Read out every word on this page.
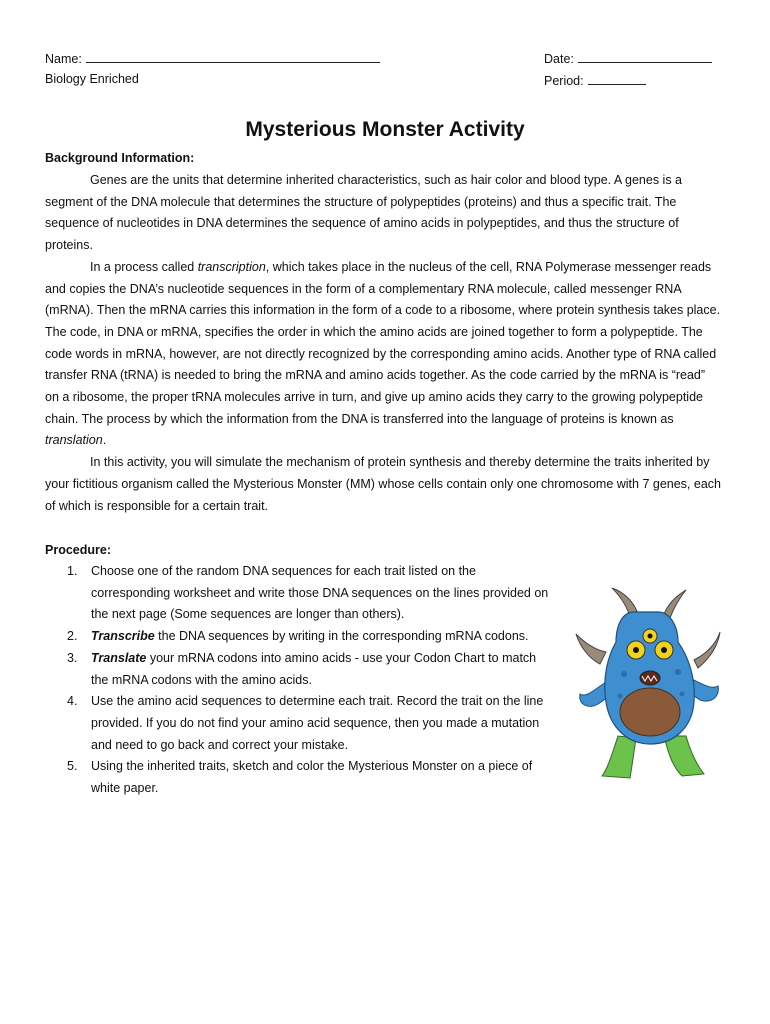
Name:
Biology Enriched
Date:
Period:
Mysterious Monster Activity
Background Information:

Genes are the units that determine inherited characteristics, such as hair color and blood type. A genes is a segment of the DNA molecule that determines the structure of polypeptides (proteins) and thus a specific trait. The sequence of nucleotides in DNA determines the sequence of amino acids in polypeptides, and thus the structure of proteins.

In a process called transcription, which takes place in the nucleus of the cell, RNA Polymerase messenger reads and copies the DNA’s nucleotide sequences in the form of a complementary RNA molecule, called messenger RNA (mRNA). Then the mRNA carries this information in the form of a code to a ribosome, where protein synthesis takes place. The code, in DNA or mRNA, specifies the order in which the amino acids are joined together to form a polypeptide. The code words in mRNA, however, are not directly recognized by the corresponding amino acids. Another type of RNA called transfer RNA (tRNA) is needed to bring the mRNA and amino acids together. As the code carried by the mRNA is “read” on a ribosome, the proper tRNA molecules arrive in turn, and give up amino acids they carry to the growing polypeptide chain. The process by which the information from the DNA is transferred into the language of proteins is known as translation.

In this activity, you will simulate the mechanism of protein synthesis and thereby determine the traits inherited by your fictitious organism called the Mysterious Monster (MM) whose cells contain only one chromosome with 7 genes, each of which is responsible for a certain trait.

Procedure:
1. Choose one of the random DNA sequences for each trait listed on the corresponding worksheet and write those DNA sequences on the lines provided on the next page (Some sequences are longer than others).
2. Transcribe the DNA sequences by writing in the corresponding mRNA codons.
3. Translate your mRNA codons into amino acids - use your Codon Chart to match the mRNA codons with the amino acids.
4. Use the amino acid sequences to determine each trait. Record the trait on the line provided. If you do not find your amino acid sequence, then you made a mutation and need to go back and correct your mistake.
5. Using the inherited traits, sketch and color the Mysterious Monster on a piece of white paper.
